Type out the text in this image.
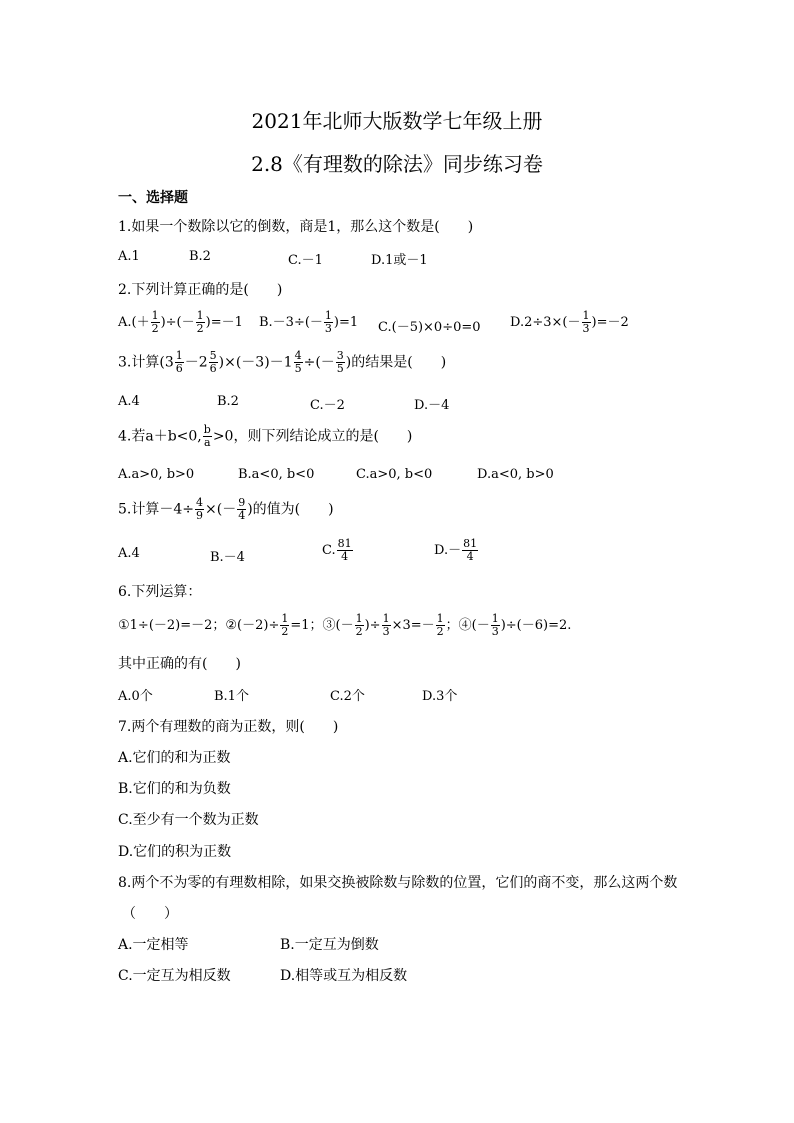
2021年北师大版数学七年级上册
2.8《有理数的除法》同步练习卷
一、选择题
1.如果一个数除以它的倒数，商是1，那么这个数是(　　)
A.1	B.2	C.－1	D.1或－1
2.下列计算正确的是(　　)
$A.(+ \frac{1}{2}$ )÷(－ $\frac{1}{2} )=-1$ $B.-3\div(- \frac{1}{3} )=1$ C.(－5)×0÷0=0 $D.2\div 3\times(- \frac{1}{3} )=-2$
3.计算$(3 \frac{1}{6} -2 \frac{5}{6} )\times(-3)-1 \frac{4}{5}$ ÷(－ $\frac{3}{5}$ )的结果是(　　)
A.4	B.2	C.－2	D.－4
4.若a＋b<0, $\frac{b}{a} >0$，则下列结论成立的是(　　)
A.a>0, b>0	B.a<0, b<0	C.a>0, b<0	D.a<0, b>0
5.计算$-4\div \frac{4}{9}$ ×(－ $\frac{9}{4}$ )的值为(　　)
A.4	B.－4	C. $\frac{81}{4}$	$D.- \frac{81}{4}$
6.下列运算：
①1÷(－2)=－2；②(－2)÷ $\frac{1}{2} =1$；③(－ $\frac{1}{2}$ )÷ $\frac{1}{3} \times 3=- \frac{1}{2}$ ；④(－ $\frac{1}{3} )\div(-6)=2$.
其中正确的有(　　)
A.0个	B.1个	C.2个	D.3个
7.两个有理数的商为正数，则(　　)
A.它们的和为正数
B.它们的和为负数
C.至少有一个数为正数
D.它们的积为正数
8.两个不为零的有理数相除，如果交换被除数与除数的位置，它们的商不变，那么这两个数
（　　）
A.一定相等	B.一定互为倒数
C.一定互为相反数	D.相等或互为相反数
